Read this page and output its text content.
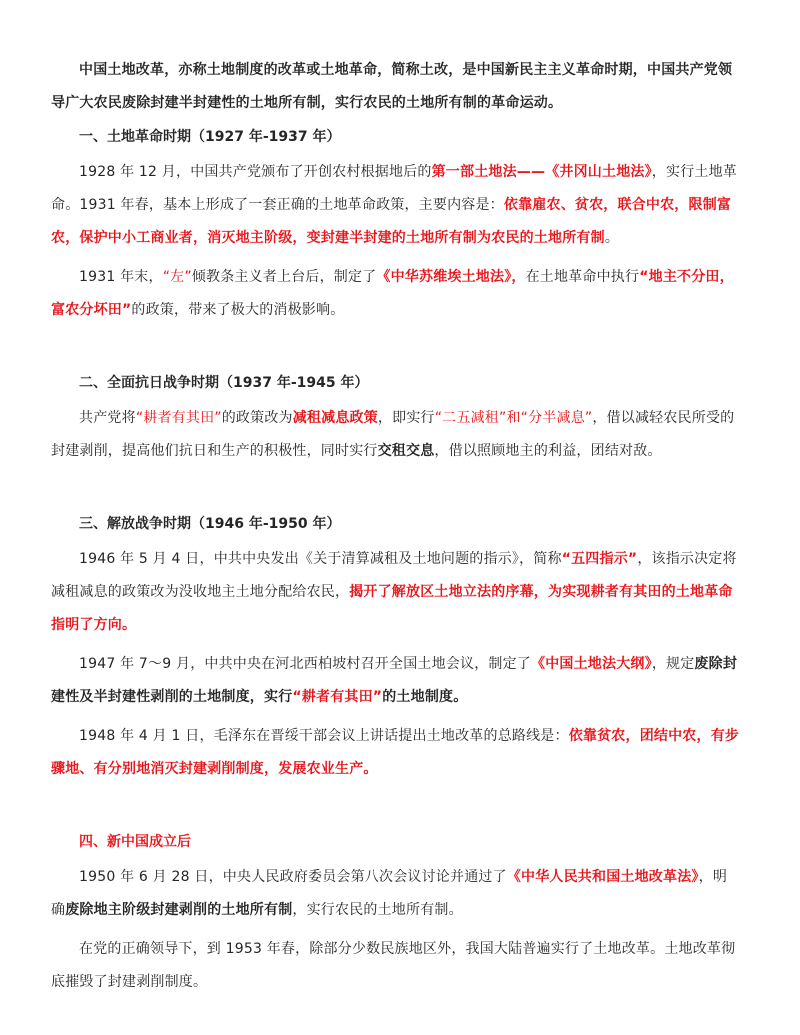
中国土地改革，亦称土地制度的改革或土地革命，简称土改，是中国新民主主义革命时期，中国共产党领导广大农民废除封建半封建性的土地所有制，实行农民的土地所有制的革命运动。

一、土地革命时期（1927 年-1937 年）

1928 年 12 月，中国共产党颁布了开创农村根据地后的第一部土地法——《井冈山土地法》，实行土地革命。1931 年春，基本上形成了一套正确的土地革命政策，主要内容是：依靠雇农、贫农，联合中农，限制富农，保护中小工商业者，消灭地主阶级，变封建半封建的土地所有制为农民的土地所有制。

1931 年末，“左”倾教条主义者上台后，制定了《中华苏维埃土地法》，在土地革命中执行“地主不分田，富农分坏田”的政策，带来了极大的消极影响。

二、全面抗日战争时期（1937 年-1945 年）

共产党将“耕者有其田”的政策改为减租减息政策，即实行“二五减租”和“分半减息”，借以减轻农民所受的封建剥削，提高他们抗日和生产的积极性，同时实行交租交息，借以照顾地主的利益，团结对敌。

三、解放战争时期（1946 年-1950 年）

1946 年 5 月 4 日，中共中央发出《关于清算减租及土地问题的指示》，简称“五四指示”，该指示决定将减租减息的政策改为没收地主土地分配给农民，揭开了解放区土地立法的序幕，为实现耕者有其田的土地革命指明了方向。

1947 年 7～9 月，中共中央在河北西柏坡村召开全国土地会议，制定了《中国土地法大纲》，规定废除封建性及半封建性剥削的土地制度，实行“耕者有其田”的土地制度。

1948 年 4 月 1 日，毛泽东在晋绥干部会议上讲话提出土地改革的总路线是：依靠贫农，团结中农，有步骤地、有分别地消灭封建剥削制度，发展农业生产。

四、新中国成立后

1950 年 6 月 28 日，中央人民政府委员会第八次会议讨论并通过了《中华人民共和国土地改革法》，明确废除地主阶级封建剥削的土地所有制，实行农民的土地所有制。

在党的正确领导下，到 1953 年春，除部分少数民族地区外，我国大陆普遍实行了土地改革。土地改革彻底摧毁了封建剥削制度。
